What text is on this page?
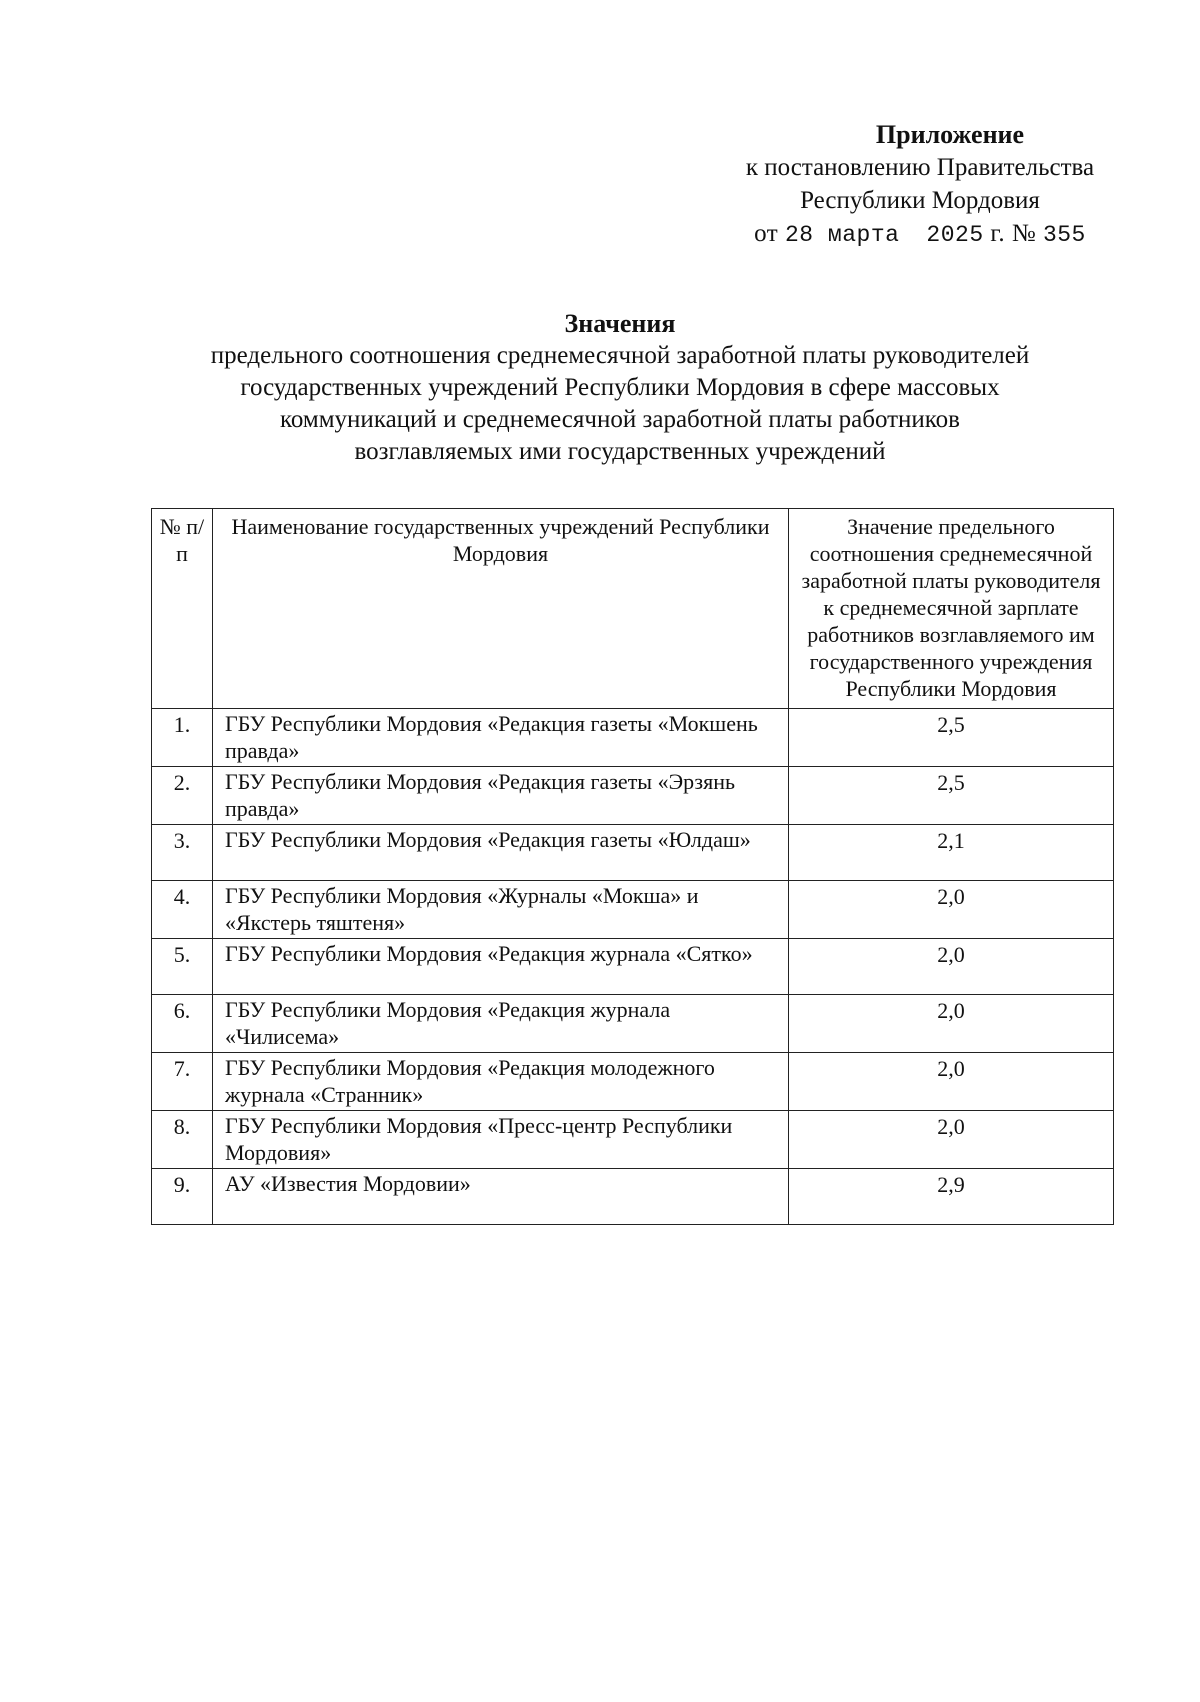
Приложение
к постановлению Правительства
Республики Мордовия
от 28 марта 2025 г. № 355
Значения
предельного соотношения среднемесячной заработной платы руководителей
государственных учреждений Республики Мордовия в сфере массовых
коммуникаций и среднемесячной заработной платы работников
возглавляемых ими государственных учреждений
№ п/п	Наименование государственных учреждений Республики Мордовия	Значение предельного соотношения среднемесячной заработной платы руководителя к среднемесячной зарплате работников возглавляемого им государственного учреждения Республики Мордовия
1.	ГБУ Республики Мордовия «Редакция газеты «Мокшень правда»	2,5
2.	ГБУ Республики Мордовия «Редакция газеты «Эрзянь правда»	2,5
3.	ГБУ Республики Мордовия «Редакция газеты «Юлдаш»	2,1
4.	ГБУ Республики Мордовия «Журналы «Мокша» и «Якстерь тяштеня»	2,0
5.	ГБУ Республики Мордовия «Редакция журнала «Сятко»	2,0
6.	ГБУ Республики Мордовия «Редакция журнала «Чилисема»	2,0
7.	ГБУ Республики Мордовия «Редакция молодежного журнала «Странник»	2,0
8.	ГБУ Республики Мордовия «Пресс-центр Республики Мордовия»	2,0
9.	АУ «Известия Мордовии»	2,9
